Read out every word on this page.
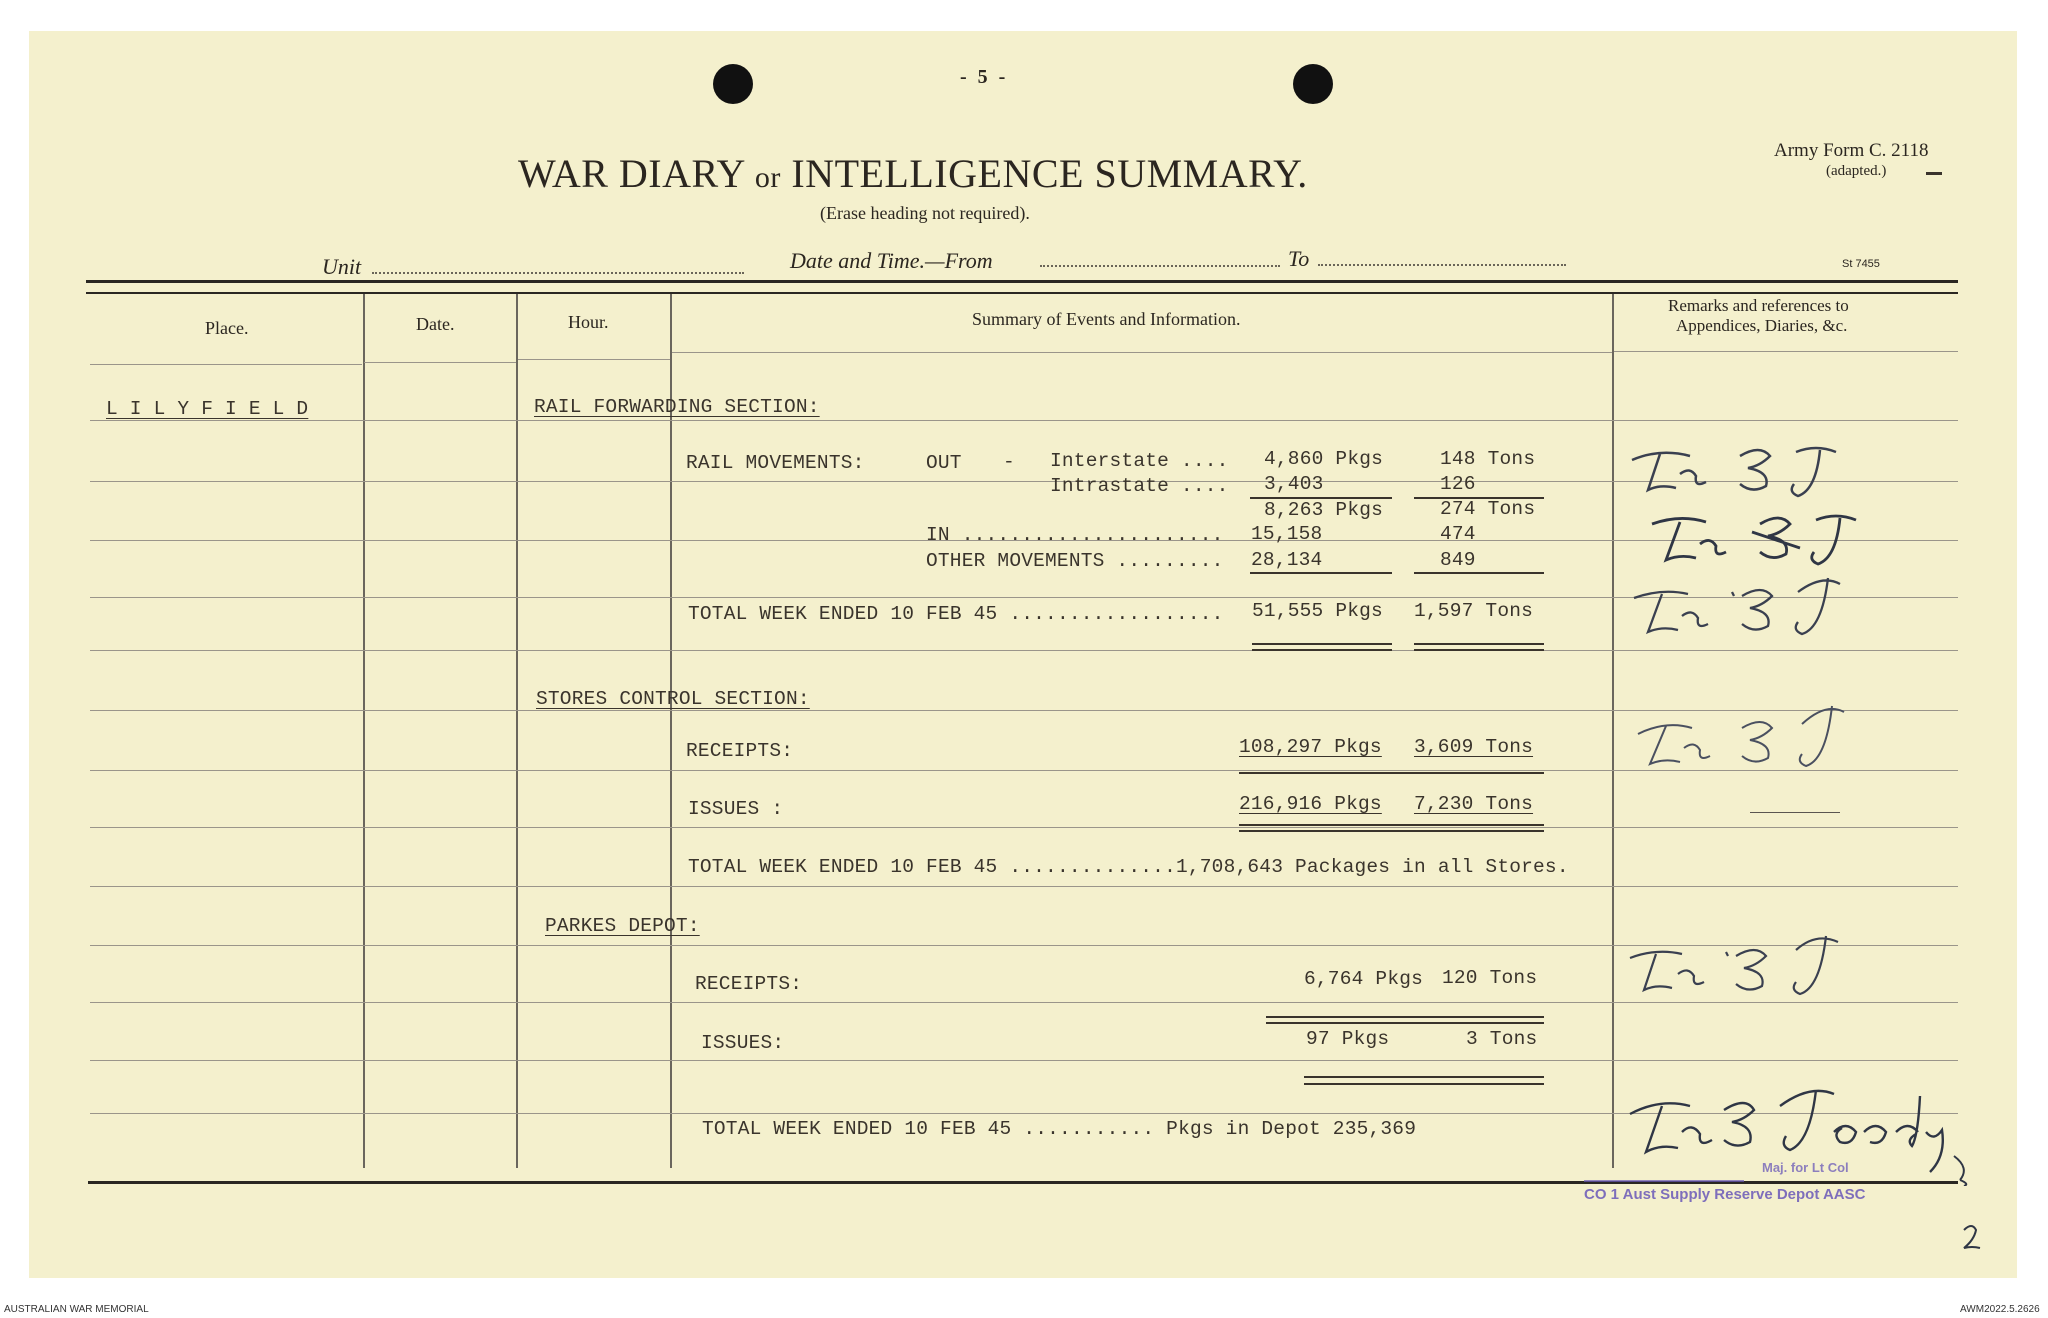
- 5 -
WAR DIARY or INTELLIGENCE SUMMARY.
(Erase heading not required).
Army Form C. 2118
(adapted.)
Unit	Date and Time.—From	To	St 7455
Place.	Date.	Hour.	Summary of Events and Information.
Remarks and references to
Appendices, Diaries, &c.
L I L Y F I E L D	RAIL FORWARDING SECTION:
RAIL MOVEMENTS:	OUT - Interstate .... 4,860 Pkgs	148 Tons
Intrastate .... 3,403	126
8,263 Pkgs	274 Tons
IN ...................... 15,158	474
OTHER MOVEMENTS ......... 28,134	849
TOTAL WEEK ENDED 10 FEB 45 .................. 51,555 Pkgs 1,597 Tons
STORES CONTROL SECTION:
RECEIPTS:	108,297 Pkgs 3,609 Tons
ISSUES :	216,916 Pkgs 7,230 Tons
TOTAL WEEK ENDED 10 FEB 45 ..............1,708,643 Packages in all Stores.
PARKES DEPOT:
RECEIPTS:	6,764 Pkgs 120 Tons
ISSUES:	97 Pkgs	3 Tons
TOTAL WEEK ENDED 10 FEB 45 ........... Pkgs in Depot 235,369
Maj. for Lt Col
CO 1 Aust Supply Reserve Depot AASC
AUSTRALIAN WAR MEMORIAL	AWM2022.5.2626
